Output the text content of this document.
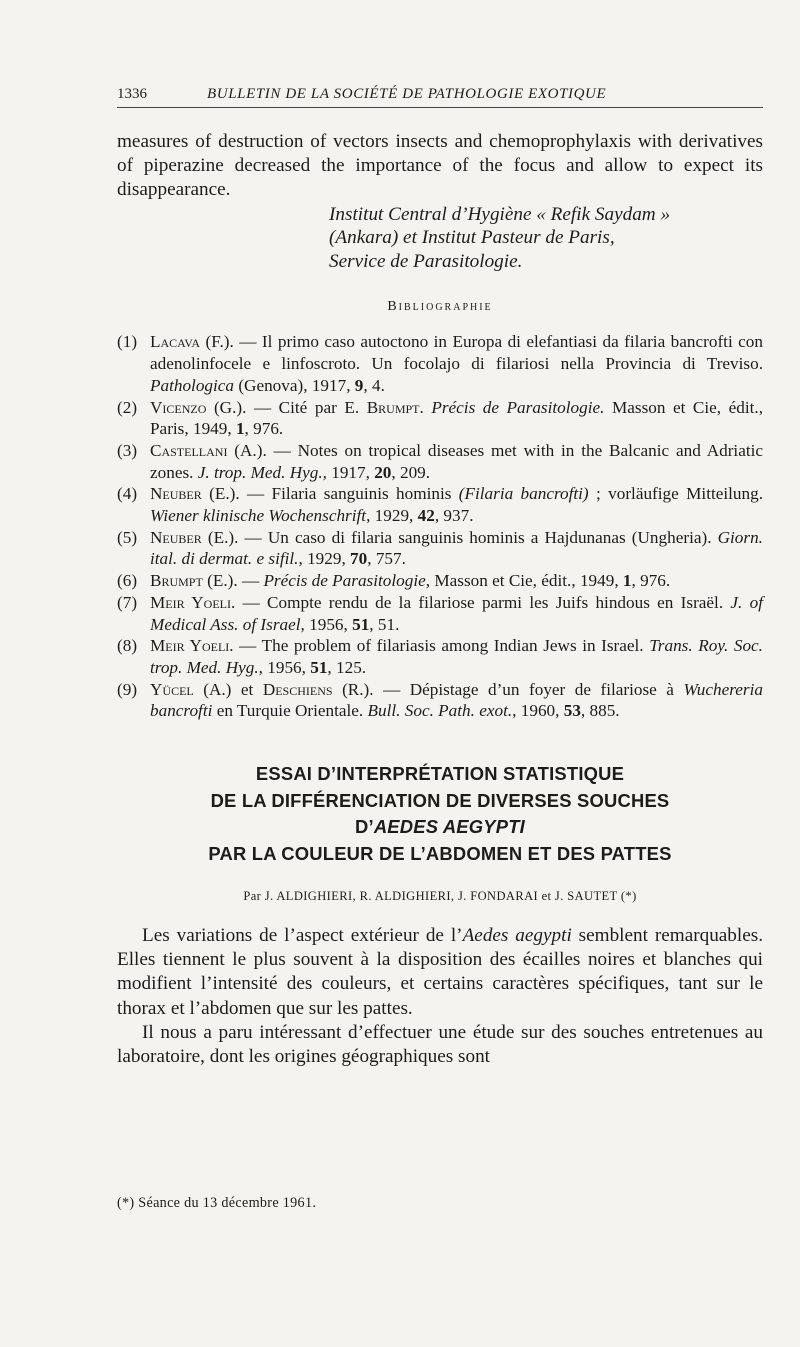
1336	BULLETIN DE LA SOCIÉTÉ DE PATHOLOGIE EXOTIQUE

measures of destruction of vectors insects and chemoprophylaxis with derivatives of piperazine decreased the importance of the focus and allow to expect its disappearance.

Institut Central d’Hygiène « Refik Saydam »
(Ankara) et Institut Pasteur de Paris,
Service de Parasitologie.
Bibliographie
(1) Lacava (F.). — Il primo caso autoctono in Europa di elefantiasi da filaria bancrofti con adenolinfocele e linfoscroto. Un focolajo di filariosi nella Provincia di Treviso. Pathologica (Genova), 1917, 9, 4.
(2) Vicenzo (G.). — Cité par E. Brumpt. Précis de Parasitologie. Masson et Cie, édit., Paris, 1949, 1, 976.
(3) Castellani (A.). — Notes on tropical diseases met with in the Balcanic and Adriatic zones. J. trop. Med. Hyg., 1917, 20, 209.
(4) Neuber (E.). — Filaria sanguinis hominis (Filaria bancrofti) ; vorläufige Mitteilung. Wiener klinische Wochenschrift, 1929, 42, 937.
(5) Neuber (E.). — Un caso di filaria sanguinis hominis a Hajdunanas (Ungheria). Giorn. ital. di dermat. e sifil., 1929, 70, 757.
(6) Brumpt (E.). — Précis de Parasitologie, Masson et Cie, édit., 1949, 1, 976.
(7) Meir Yoeli. — Compte rendu de la filariose parmi les Juifs hindous en Israël. J. of Medical Ass. of Israel, 1956, 51, 51.
(8) Meir Yoeli. — The problem of filariasis among Indian Jews in Israel. Trans. Roy. Soc. trop. Med. Hyg., 1956, 51, 125.
(9) Yücel (A.) et Deschiens (R.). — Dépistage d’un foyer de filariose à Wuchereria bancrofti en Turquie Orientale. Bull. Soc. Path. exot., 1960, 53, 885.
ESSAI D’INTERPRÉTATION STATISTIQUE
DE LA DIFFÉRENCIATION DE DIVERSES SOUCHES
D’AEDES AEGYPTI
PAR LA COULEUR DE L’ABDOMEN ET DES PATTES
Par J. ALDIGHIERI, R. ALDIGHIERI, J. FONDARAI et J. SAUTET (*)

Les variations de l’aspect extérieur de l’Aedes aegypti semblent remarquables. Elles tiennent le plus souvent à la disposition des écailles noires et blanches qui modifient l’intensité des couleurs, et certains caractères spécifiques, tant sur le thorax et l’abdomen que sur les pattes.

Il nous a paru intéressant d’effectuer une étude sur des souches entretenues au laboratoire, dont les origines géographiques sont

(*) Séance du 13 décembre 1961.
